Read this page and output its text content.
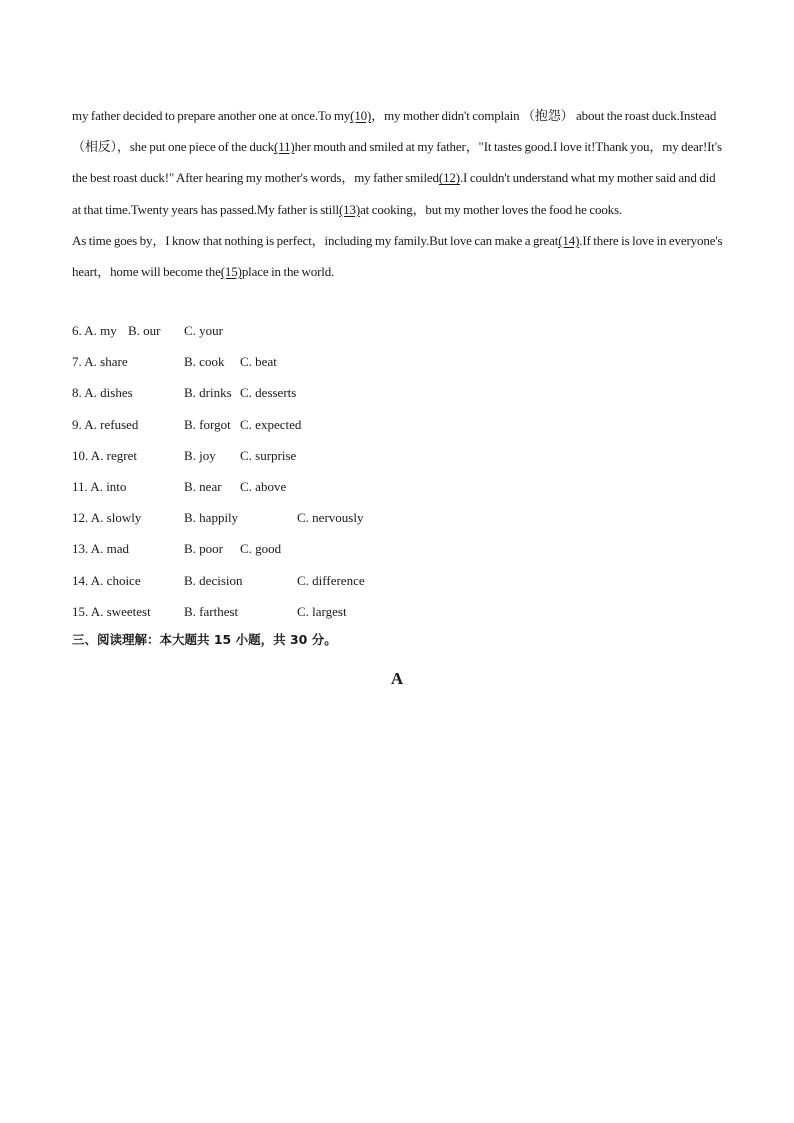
my father decided to prepare another one at once.To my(10)，my mother didn't complain （抱怨） about the roast duck.Instead（相反），she put one piece of the duck(11)her mouth and smiled at my father，"It tastes good.I love it!Thank you，my dear!It's the best roast duck!" After hearing my mother's words，my father smiled(12).I couldn't understand what my mother said and did at that time.Twenty years has passed.My father is still(13)at cooking，but my mother loves the food he cooks.

As time goes by，I know that nothing is perfect，including my family.But love can make a great(14).If there is love in everyone's heart，home will become the(15)place in the world.

6. A. my B. our C. your
7. A. share	B. cook C. beat
8. A. dishes	B. drinks C. desserts
9. A. refused	B. forgot C. expected
10. A. regret	B. joy C. surprise
11. A. into	B. near C. above
12. A. slowly	B. happily	C. nervously
13. A. mad	B. poor C. good
14. A. choice	B. decision	C. difference
15. A. sweetest	B. farthest	C. largest
三、阅读理解：本大题共 15 小题，共 30 分。
A
